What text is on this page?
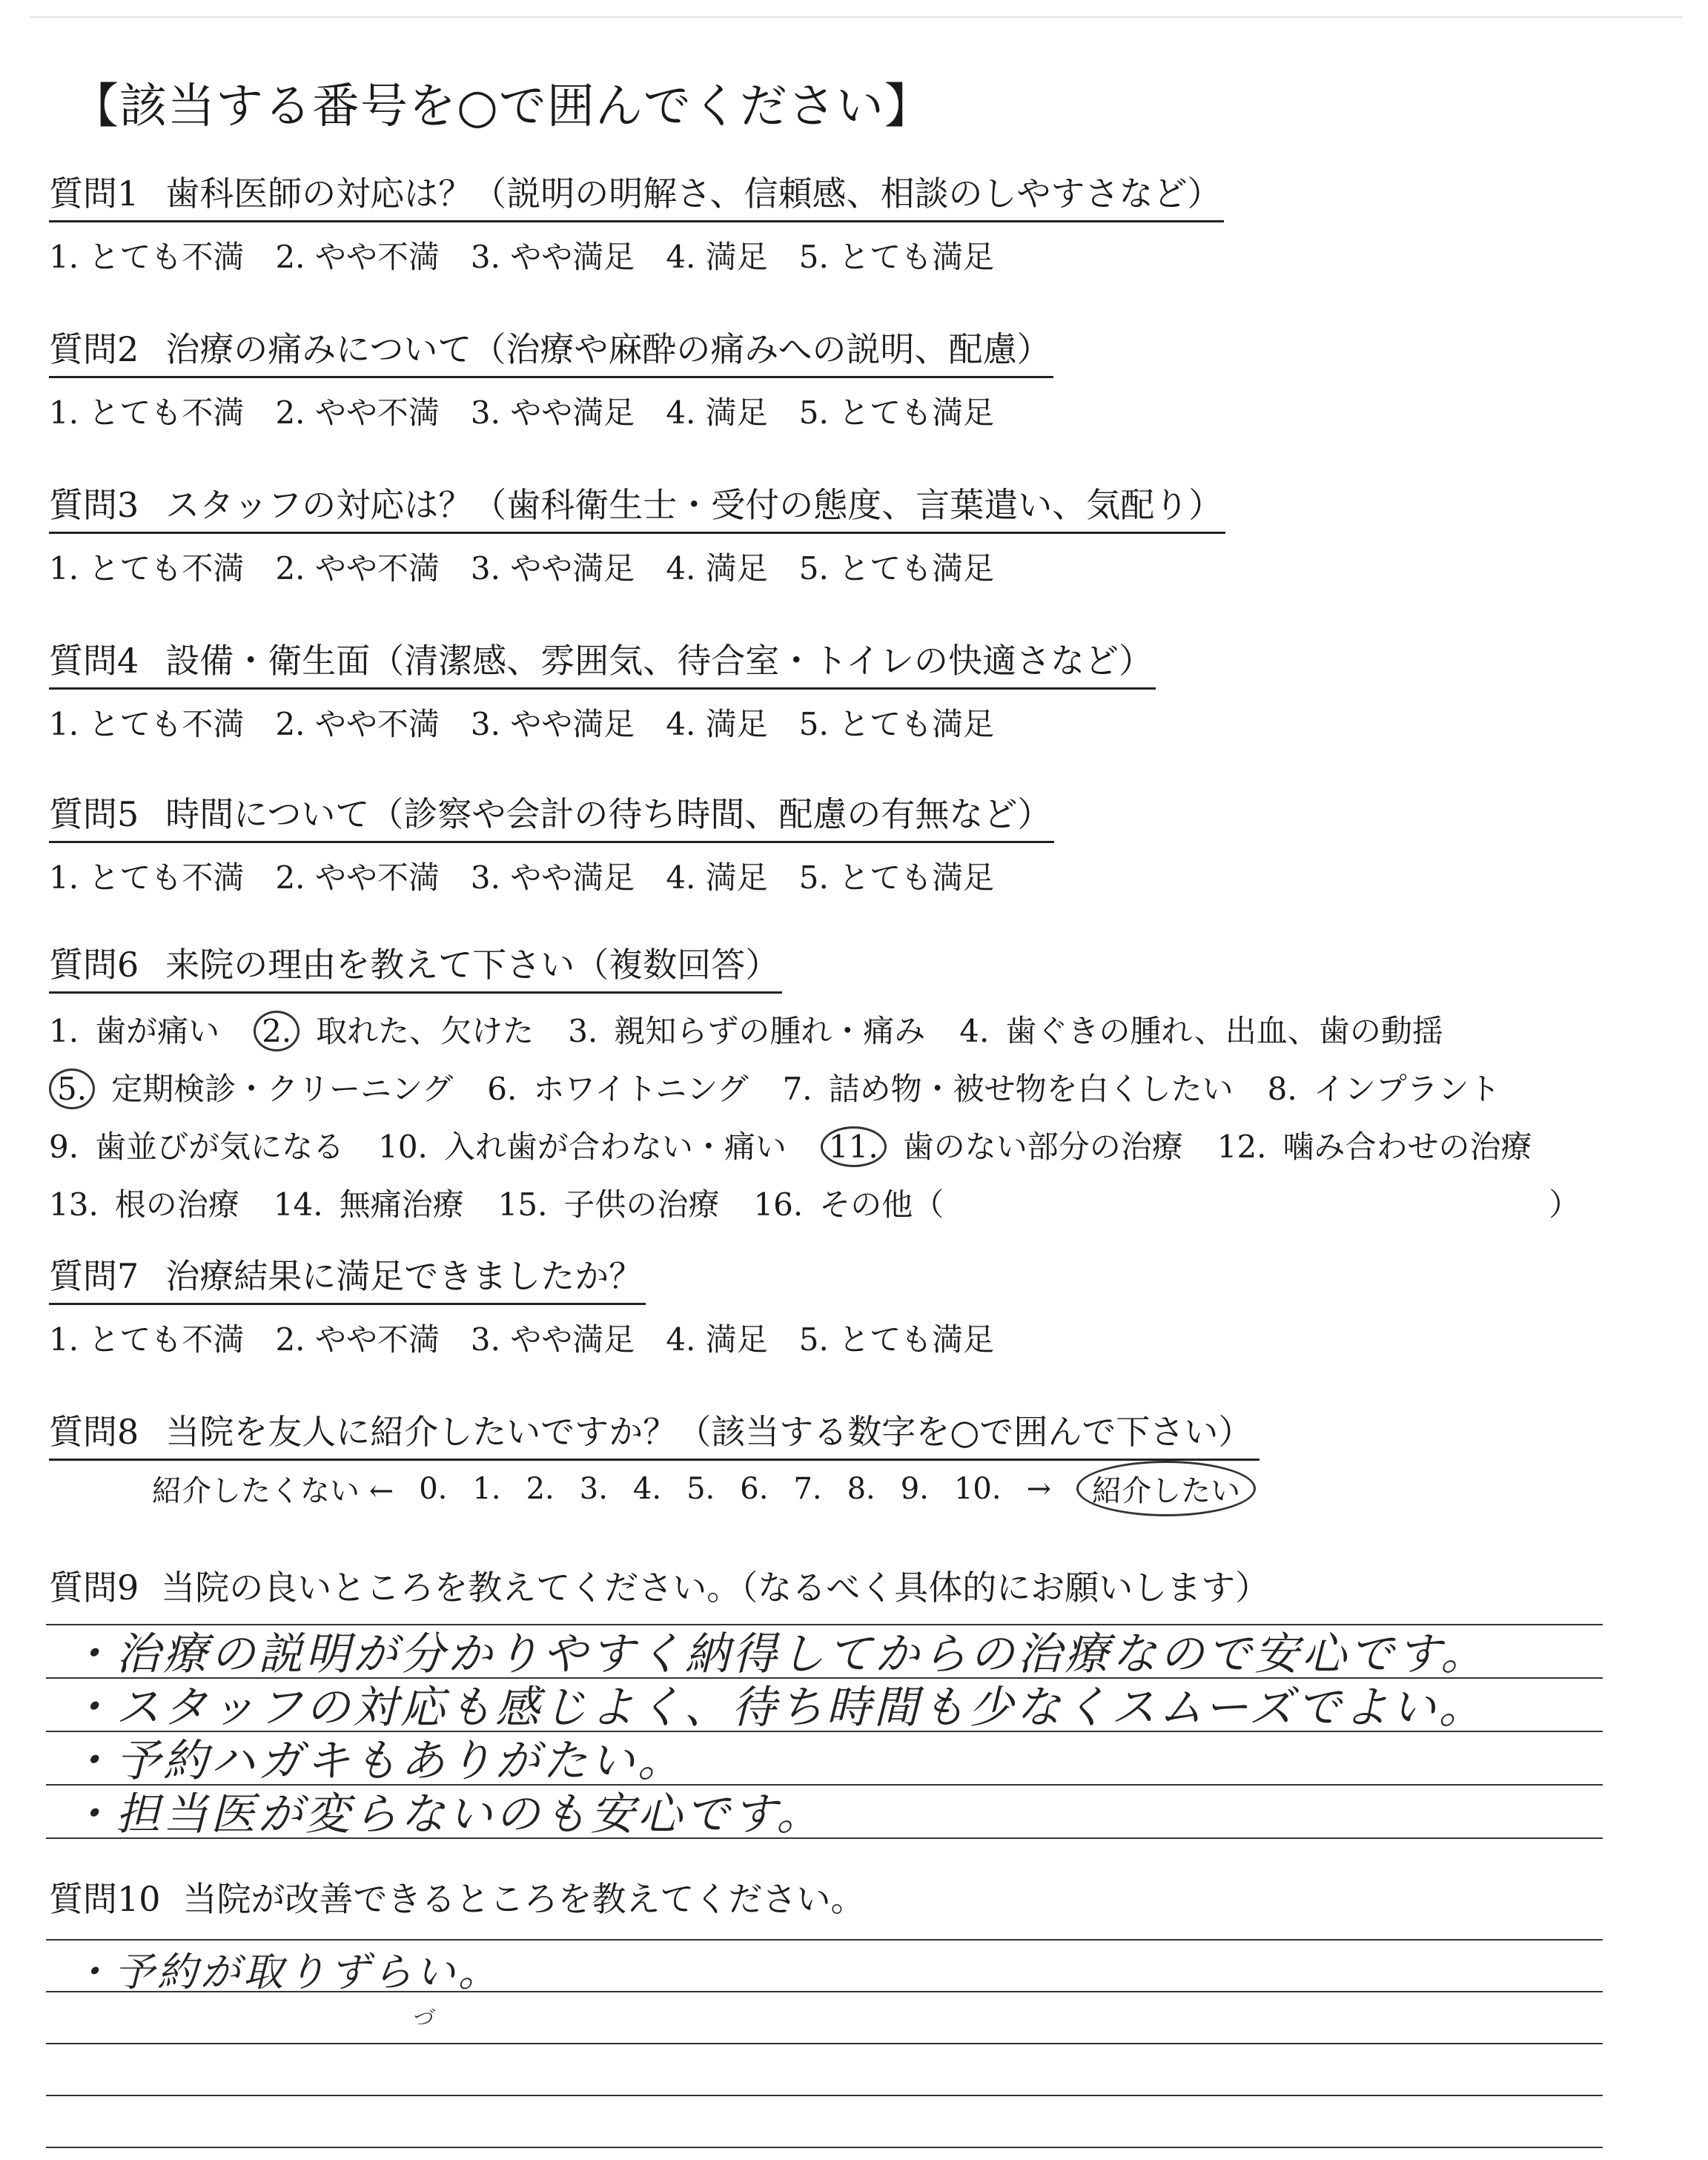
【該当する番号を○で囲んでください】
質問1 歯科医師の対応は？（説明の明解さ、信頼感、相談のしやすさなど）
1. とても不満 2. やや不満 3. やや満足 4. 満足 5. とても満足
質問2 治療の痛みについて（治療や麻酔の痛みへの説明、配慮）
1. とても不満 2. やや不満 3. やや満足 4. 満足 5. とても満足
質問3 スタッフの対応は？（歯科衛生士・受付の態度、言葉遣い、気配り）
1. とても不満 2. やや不満 3. やや満足 4. 満足 5. とても満足
質問4 設備・衛生面（清潔感、雰囲気、待合室・トイレの快適さなど）
1. とても不満 2. やや不満 3. やや満足 4. 満足 5. とても満足
質問5 時間について（診察や会計の待ち時間、配慮の有無など）
1. とても不満 2. やや不満 3. やや満足 4. 満足 5. とても満足
質問6 来院の理由を教えて下さい（複数回答）
1. 歯が痛い 2. 取れた、欠けた 3. 親知らずの腫れ・痛み 4. 歯ぐきの腫れ、出血、歯の動揺
5. 定期検診・クリーニング 6. ホワイトニング 7. 詰め物・被せ物を白くしたい 8. インプラント
9. 歯並びが気になる 10. 入れ歯が合わない・痛い 11. 歯のない部分の治療 12. 噛み合わせの治療
13. 根の治療 14. 無痛治療 15. 子供の治療 16. その他（	）
質問7 治療結果に満足できましたか？
1. とても不満 2. やや不満 3. やや満足 4. 満足 5. とても満足
質問8 当院を友人に紹介したいですか？（該当する数字を○で囲んで下さい）
紹介したくない ← 0. 1. 2. 3. 4. 5. 6. 7. 8. 9. 10. →	紹介したい
質問9 当院の良いところを教えてください。（なるべく具体的にお願いします）
・治療の説明が分かりやすく納得してからの治療なので安心です。
・スタッフの対応も感じよく、待ち時間も少なくスムーズでよい。
・予約ハガキもありがたい。
・担当医が変らないのも安心です。
質問10 当院が改善できるところを教えてください。
・予約が取りずらい。
づ
